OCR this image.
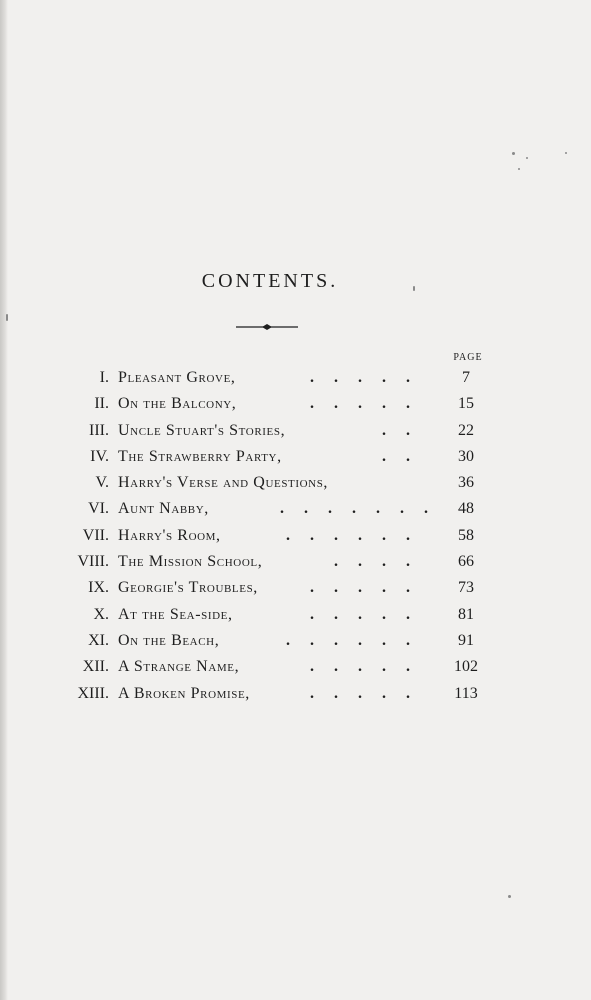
CONTENTS.
PAGE
I. Pleasant Grove,	.....	7
II. On the Balcony,	.....	15
III. Uncle Stuart's Stories,	..	22
IV. The Strawberry Party,	..	30
V. Harry's Verse and Questions,	36
VI. Aunt Nabby,	....... 48
VII. Harry's Room,	......	58
VIII. The Mission School,	....	66
IX. Georgie's Troubles,	.....	73
X. At the Sea-side,	.....	81
XI. On the Beach,	......	91
XII. A Strange Name,	.....	102
XIII. A Broken Promise,	.....	113
